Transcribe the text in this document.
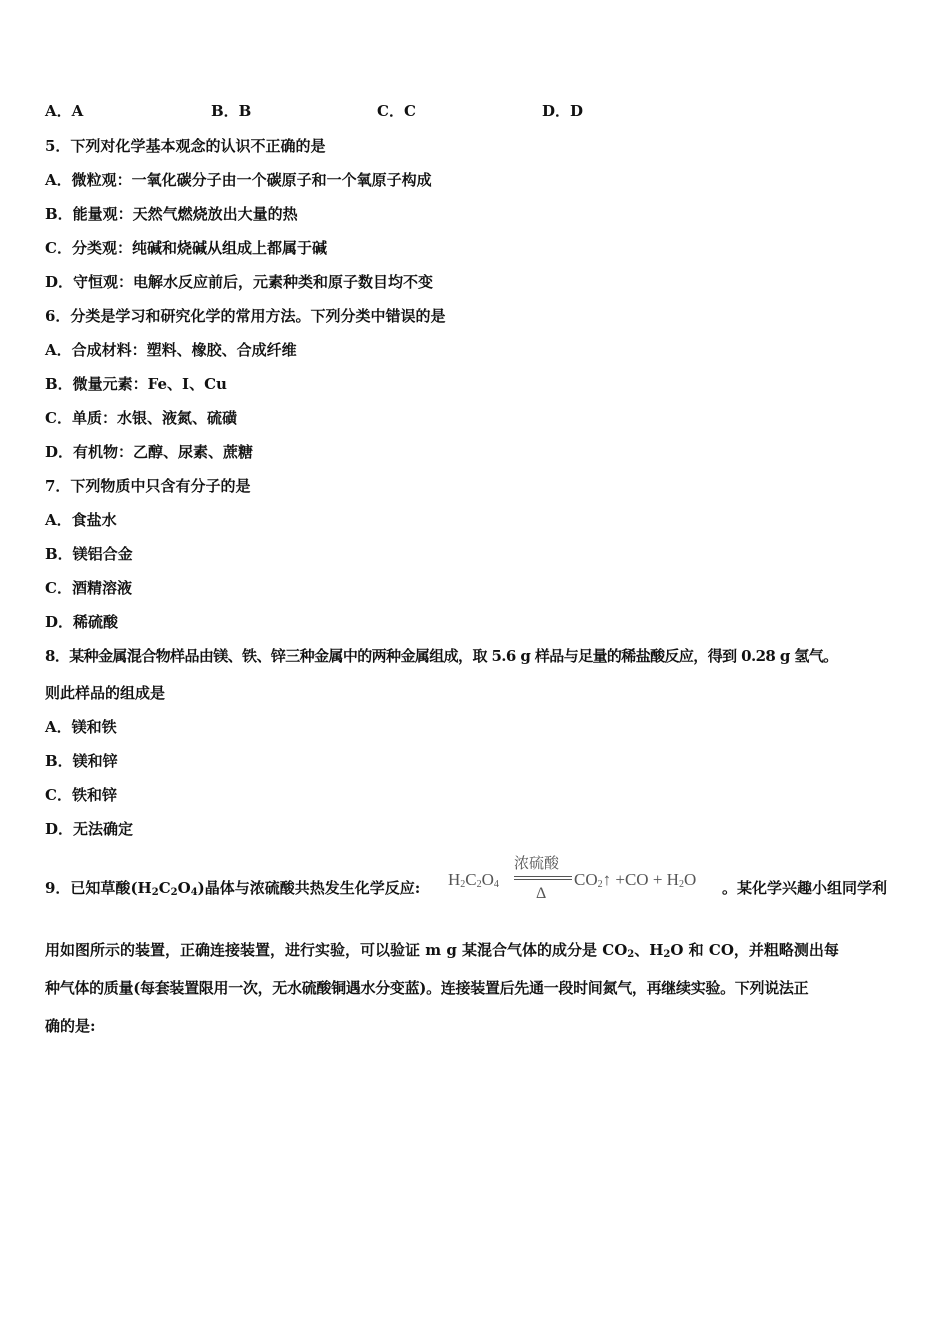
A．A	B．B	C．C	D．D
5．下列对化学基本观念的认识不正确的是
A．微粒观：一氧化碳分子由一个碳原子和一个氧原子构成
B．能量观：天然气燃烧放出大量的热
C．分类观：纯碱和烧碱从组成上都属于碱
D．守恒观：电解水反应前后，元素种类和原子数目均不变
6．分类是学习和研究化学的常用方法。下列分类中错误的是
A．合成材料：塑料、橡胶、合成纤维
B．微量元素：Fe、I、Cu
C．单质：水银、液氮、硫磺
D．有机物：乙醇、尿素、蔗糖
7．下列物质中只含有分子的是
A．食盐水
B．镁铝合金
C．酒精溶液
D．稀硫酸
8．某种金属混合物样品由镁、铁、锌三种金属中的两种金属组成，取 5.6 g 样品与足量的稀盐酸反应，得到 0.28 g 氢气。
则此样品的组成是
A．镁和铁
B．镁和锌
C．铁和锌
D．无法确定
9．已知草酸$(H_2C_2O_4)$晶体与浓硫酸共热发生化学反应: $H_2C_2O_4$
浓硫酸
Δ
$CO_2↑ +CO + H_2O$ 。某化学兴趣小组同学利
用如图所示的装置，正确连接装置，进行实验，可以验证 m g 某混合气体的成分是 $CO_2$、$H_2O$ 和 CO，并粗略测出每
种气体的质量(每套装置限用一次，无水硫酸铜遇水分变蓝)。连接装置后先通一段时间氮气，再继续实验。下列说法正
确的是:
